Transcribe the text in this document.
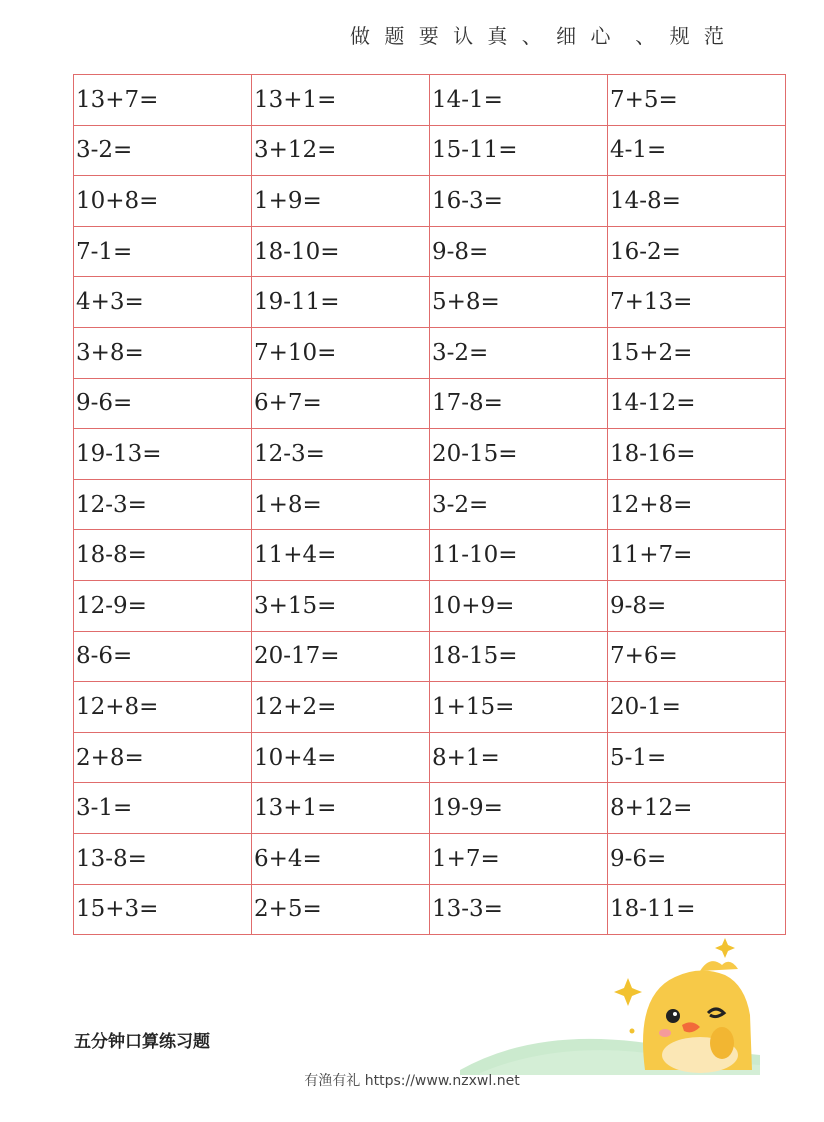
做 题 要 认 真 、 细 心  、 规 范
13+7=	13+1=	14-1=	7+5=
3-2=	3+12=	15-11=	4-1=
10+8=	1+9=	16-3=	14-8=
7-1=	18-10=	9-8=	16-2=
4+3=	19-11=	5+8=	7+13=
3+8=	7+10=	3-2=	15+2=
9-6=	6+7=	17-8=	14-12=
19-13=	12-3=	20-15=	18-16=
12-3=	1+8=	3-2=	12+8=
18-8=	11+4=	11-10=	11+7=
12-9=	3+15=	10+9=	9-8=
8-6=	20-17=	18-15=	7+6=
12+8=	12+2=	1+15=	20-1=
2+8=	10+4=	8+1=	5-1=
3-1=	13+1=	19-9=	8+12=
13-8=	6+4=	1+7=	9-6=
15+3=	2+5=	13-3=	18-11=
五分钟口算练习题
有渔有礼 https://www.nzxwl.net
